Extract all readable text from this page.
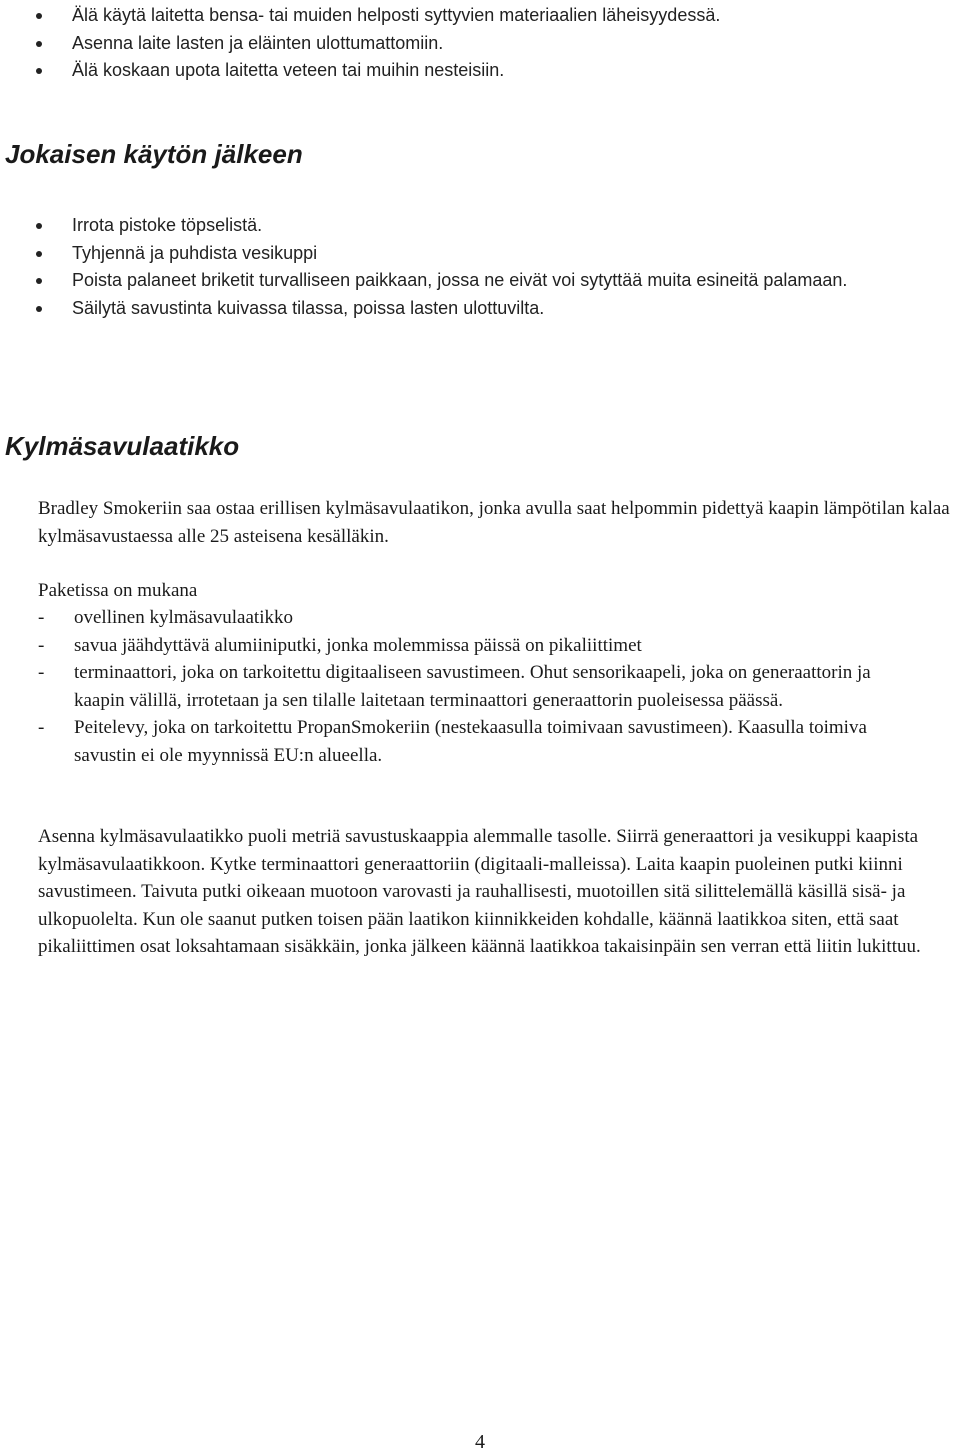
Älä käytä laitetta bensa- tai muiden helposti syttyvien materiaalien läheisyydessä.
Asenna laite lasten ja eläinten ulottumattomiin.
Älä koskaan upota laitetta veteen tai muihin nesteisiin.
Jokaisen käytön jälkeen
Irrota pistoke töpselistä.
Tyhjennä ja puhdista vesikuppi
Poista palaneet briketit turvalliseen paikkaan, jossa ne eivät voi sytyttää muita esineitä palamaan.
Säilytä savustinta kuivassa tilassa, poissa lasten ulottuvilta.
Kylmäsavulaatikko

Bradley Smokeriin saa ostaa erillisen kylmäsavulaatikon, jonka avulla saat helpommin pidettyä kaapin lämpötilan kalaa kylmäsavustaessa alle 25 asteisena kesälläkin.

Paketissa on mukana

- ovellinen kylmäsavulaatikko
- savua jäähdyttävä alumiiniputki, jonka molemmissa päissä on pikaliittimet
- terminaattori, joka on tarkoitettu digitaaliseen savustimeen. Ohut sensorikaapeli, joka on generaattorin ja kaapin välillä, irrotetaan ja sen tilalle laitetaan terminaattori generaattorin puoleisessa päässä.
- Peitelevy, joka on tarkoitettu PropanSmokeriin (nestekaasulla toimivaan savustimeen). Kaasulla toimiva savustin ei ole myynnissä EU:n alueella.

Asenna kylmäsavulaatikko puoli metriä savustuskaappia alemmalle tasolle. Siirrä generaattori ja vesikuppi kaapista kylmäsavulaatikkoon. Kytke terminaattori generaattoriin (digitaali-malleissa). Laita kaapin puoleinen putki kiinni savustimeen. Taivuta putki oikeaan muotoon varovasti ja rauhallisesti, muotoillen sitä silittelemällä käsillä sisä- ja ulkopuolelta. Kun ole saanut putken toisen pään laatikon kiinnikkeiden kohdalle, käännä laatikkoa siten, että saat pikaliittimen osat loksahtamaan sisäkkäin, jonka jälkeen käännä laatikkoa takaisinpäin sen verran että liitin lukittuu.

4
